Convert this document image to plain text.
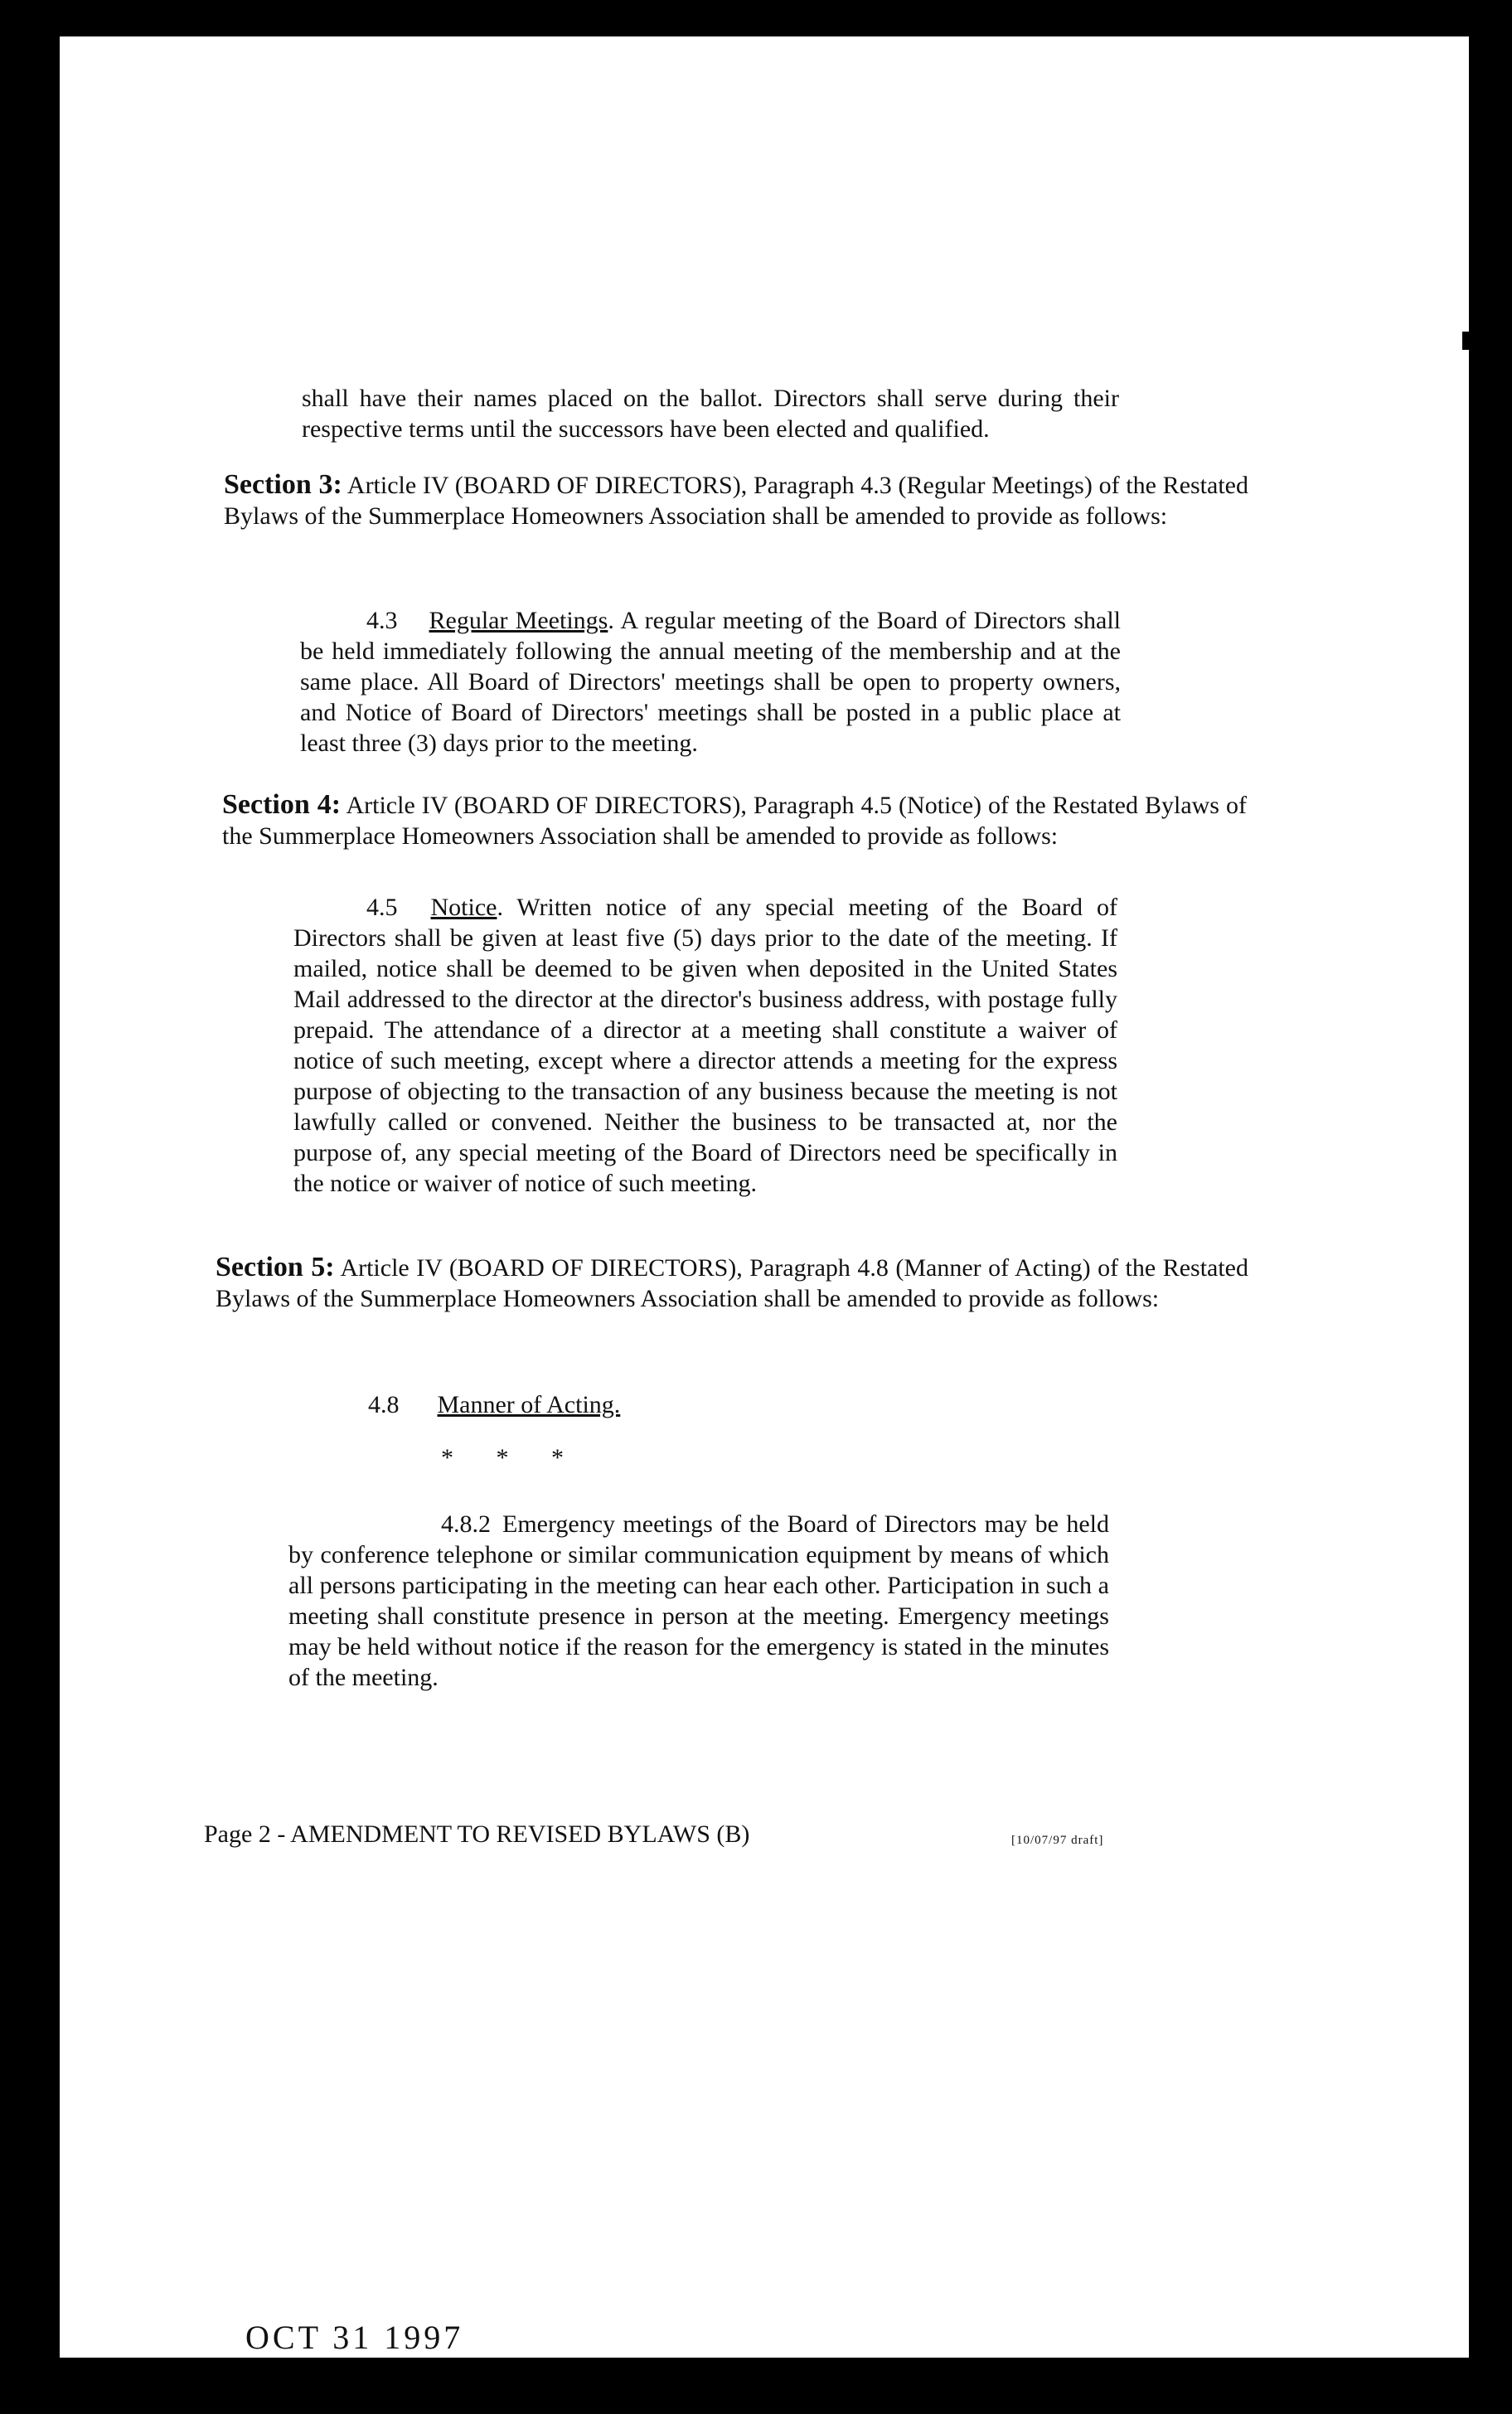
shall have their names placed on the ballot. Directors shall serve during their respective terms until the successors have been elected and qualified.
Section 3: Article IV (BOARD OF DIRECTORS), Paragraph 4.3 (Regular Meetings) of the Restated Bylaws of the Summerplace Homeowners Association shall be amended to provide as follows:
4.3 Regular Meetings. A regular meeting of the Board of Directors shall be held immediately following the annual meeting of the membership and at the same place. All Board of Directors' meetings shall be open to property owners, and Notice of Board of Directors' meetings shall be posted in a public place at least three (3) days prior to the meeting.
Section 4: Article IV (BOARD OF DIRECTORS), Paragraph 4.5 (Notice) of the Restated Bylaws of the Summerplace Homeowners Association shall be amended to provide as follows:
4.5 Notice. Written notice of any special meeting of the Board of Directors shall be given at least five (5) days prior to the date of the meeting. If mailed, notice shall be deemed to be given when deposited in the United States Mail addressed to the director at the director's business address, with postage fully prepaid. The attendance of a director at a meeting shall constitute a waiver of notice of such meeting, except where a director attends a meeting for the express purpose of objecting to the transaction of any business because the meeting is not lawfully called or convened. Neither the business to be transacted at, nor the purpose of, any special meeting of the Board of Directors need be specifically in the notice or waiver of notice of such meeting.
Section 5: Article IV (BOARD OF DIRECTORS), Paragraph 4.8 (Manner of Acting) of the Restated Bylaws of the Summerplace Homeowners Association shall be amended to provide as follows:
4.8 Manner of Acting.
* * *
4.8.2 Emergency meetings of the Board of Directors may be held by conference telephone or similar communication equipment by means of which all persons participating in the meeting can hear each other. Participation in such a meeting shall constitute presence in person at the meeting. Emergency meetings may be held without notice if the reason for the emergency is stated in the minutes of the meeting.
Page 2 - AMENDMENT TO REVISED BYLAWS (B)	[10/07/97 draft]
OCT 31 1997
